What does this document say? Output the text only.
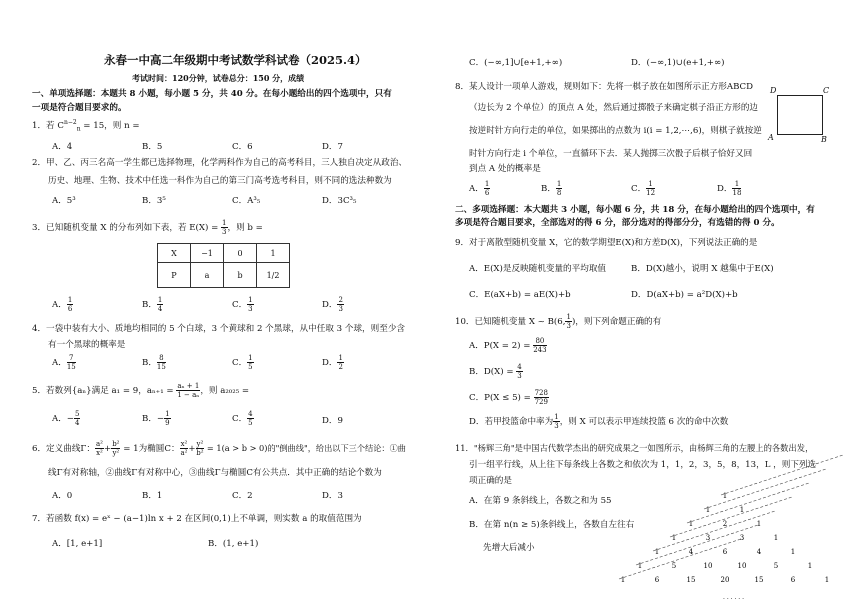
永春一中高二年级期中考试数学科试卷（2025.4）
考试时间：120分钟，试卷总分：150 分，成绩
一、单项选择题：本题共 8 小题，每小题 5 分，共 40 分。在每小题给出的四个选项中，只有
一项是符合题目要求的。
1．若 $C^{n-2}_n = 15$，则 n =
A．4	B．5	C．6	D．7
2．甲、乙、丙三名高一学生都已选择物理，化学两科作为自己的高考科目，三人独自决定从政治、
历史、地理、生物、技术中任选一科作为自己的第三门高考选考科目，则不同的选法种数为
A．5³	B．3⁵	C．A³₅	D．3C³₅
3．已知随机变量 X 的分布列如下表，若 $E(X) = \frac{1}{3}$ ，则 b =
X	−1	0	1
P	a	b	1/2
A． $\frac{1}{6}$	B． $\frac{1}{4}$	C． $\frac{1}{3}$	D． $\frac{2}{3}$
4．一袋中装有大小、质地均相同的 5 个白球，3 个黄球和 2 个黑球，从中任取 3 个球，则至少含
有一个黑球的概率是
A． $\frac{7}{15}$	B． $\frac{8}{15}$	C． $\frac{1}{5}$	D． $\frac{1}{2}$
5．若数列{aₙ}满足 a₁ = 9，$a_{n+1} = \frac{\text{aₙ + 1}}{\text{1 − aₙ}}$ ，则 a₂₀₂₅ =
A．− $\frac{5}{4}$	B．− $\frac{1}{9}$	C． $\frac{4}{5}$	D．9
6．定义曲线Γ： $\frac{\text{a²}}{\text{x²}} + \frac{\text{b²}}{\text{y²}} = 1$为椭圆C： $\frac{\text{x²}}{\text{a²}} + \frac{\text{y²}}{\text{b²}} = 1(a > b > 0)$的"倒曲线"，给出以下三个结论：①曲
线Γ有对称轴，②曲线Γ有对称中心，③曲线Γ与椭圆C有公共点．其中正确的结论个数为
A．0	B．1	C．2	D．3
7．若函数 f(x) = eˣ − (a−1)ln x + 2 在区间(0,1)上不单调，则实数 a 的取值范围为
A．[1, e+1]	B．(1, e+1)
C．(−∞,1]∪[e+1,+∞)	D．(−∞,1)∪(e+1,+∞)
8．某人设计一项单人游戏，规则如下：先将一棋子放在如图所示正方形ABCD
（边长为 2 个单位）的顶点 A 处，然后通过掷骰子来确定棋子沿正方形的边
按逆时针方向行走的单位，如果掷出的点数为 i(i = 1,2,⋯,6)，则棋子就按逆
时针方向行走 i 个单位，一直循环下去．某人抛掷三次骰子后棋子恰好又回
到点 A 处的概率是
D	C
A	B
A． $\frac{1}{6}$	B． $\frac{1}{8}$	C． $\frac{1}{12}$	D． $\frac{1}{18}$
二、多项选择题：本大题共 3 小题，每小题 6 分，共 18 分，在每小题给出的四个选项中，有
多项是符合题目要求，全部选对的得 6 分，部分选对的得部分分，有选错的得 0 分。
9．对于离散型随机变量 X，它的数学期望E(X)和方差D(X)，下列说法正确的是
A．E(X)是反映随机变量的平均取值	B．D(X)越小，说明 X 越集中于E(X)
C．E(aX+b) = aE(X)+b	D．D(aX+b) = a²D(X)+b
10．已知随机变量 X ~ B(6, $\frac{1}{3}$ )，则下列命题正确的有
A．$P(X = 2) = \frac{80}{243}$
B．$D(X) = \frac{4}{3}$
C．$P(X \le 5) = \frac{728}{729}$
D．若甲投篮命中率为 $\frac{1}{3}$ ，则 X 可以表示甲连续投篮 6 次的命中次数
11．"杨辉三角"是中国古代数学杰出的研究成果之一如图所示，由杨辉三角的左腰上的各数出发，
引一组平行线，从上往下每条线上各数之和依次为 1，1，2，3，5，8，13，L ，则下列选
项正确的是
A．在第 9 条斜线上，各数之和为 55
B．在第 n(n ≥ 5)条斜线上，各数自左往右
先增大后减小
1
1	1
1	2	1
1	3	3	1
1	4	6	4	1
1	5	10	10	5	1
1	6	15	20	15	6	1
· · · · · ·
